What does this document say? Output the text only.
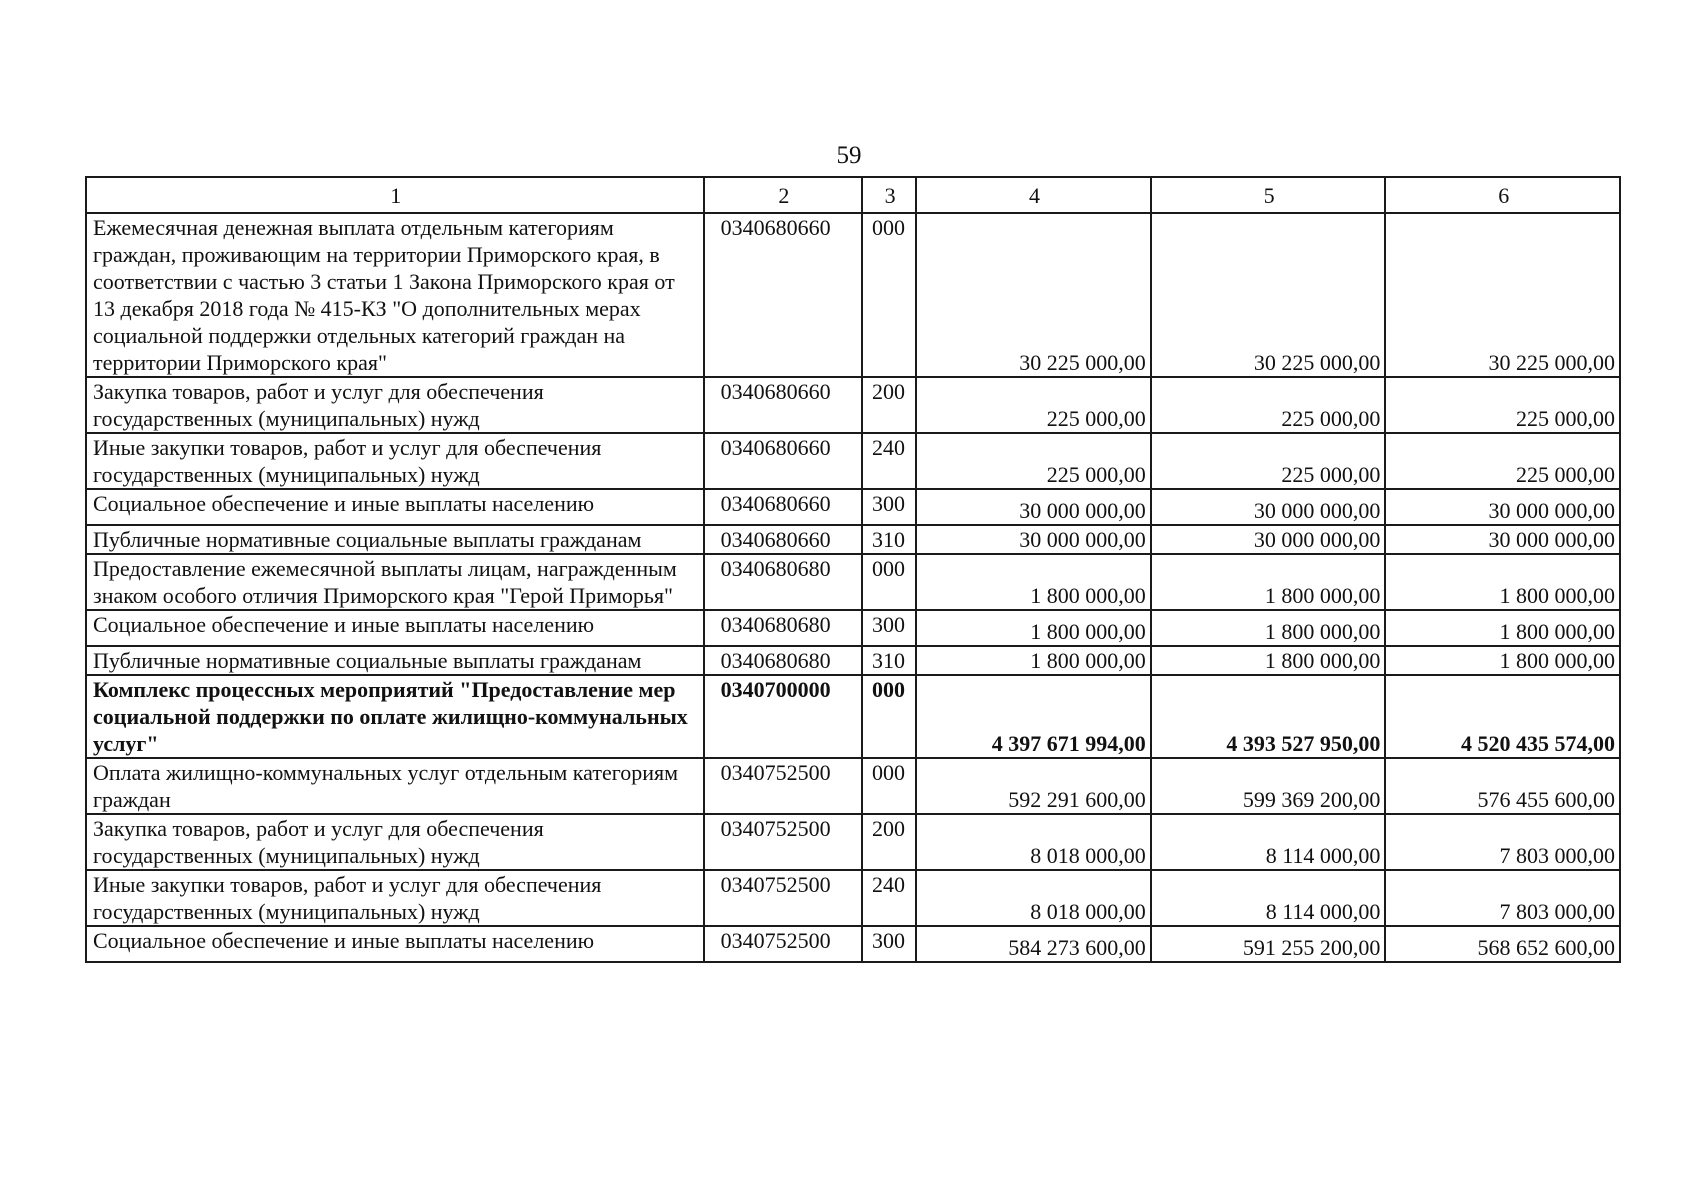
59
1	2	3	4	5	6
Ежемесячная денежная выплата отдельным категориям граждан, проживающим на территории Приморского края, в соответствии с частью 3 статьи 1 Закона Приморского края от 13 декабря 2018 года № 415-КЗ "О дополнительных мерах социальной поддержки отдельных категорий граждан на территории Приморского края"	0340680660	000	30 225 000,00	30 225 000,00	30 225 000,00
Закупка товаров, работ и услуг для обеспечения государственных (муниципальных) нужд	0340680660	200	225 000,00	225 000,00	225 000,00
Иные закупки товаров, работ и услуг для обеспечения государственных (муниципальных) нужд	0340680660	240	225 000,00	225 000,00	225 000,00
Социальное обеспечение и иные выплаты населению	0340680660	300	30 000 000,00	30 000 000,00	30 000 000,00
Публичные нормативные социальные выплаты гражданам	0340680660	310	30 000 000,00	30 000 000,00	30 000 000,00
Предоставление ежемесячной выплаты лицам, награжденным знаком особого отличия Приморского края "Герой Приморья"	0340680680	000	1 800 000,00	1 800 000,00	1 800 000,00
Социальное обеспечение и иные выплаты населению	0340680680	300	1 800 000,00	1 800 000,00	1 800 000,00
Публичные нормативные социальные выплаты гражданам	0340680680	310	1 800 000,00	1 800 000,00	1 800 000,00
Комплекс процессных мероприятий "Предоставление мер социальной поддержки по оплате жилищно-коммунальных услуг"	0340700000	000	4 397 671 994,00	4 393 527 950,00	4 520 435 574,00
Оплата жилищно-коммунальных услуг отдельным категориям граждан	0340752500	000	592 291 600,00	599 369 200,00	576 455 600,00
Закупка товаров, работ и услуг для обеспечения государственных (муниципальных) нужд	0340752500	200	8 018 000,00	8 114 000,00	7 803 000,00
Иные закупки товаров, работ и услуг для обеспечения государственных (муниципальных) нужд	0340752500	240	8 018 000,00	8 114 000,00	7 803 000,00
Социальное обеспечение и иные выплаты населению	0340752500	300	584 273 600,00	591 255 200,00	568 652 600,00
